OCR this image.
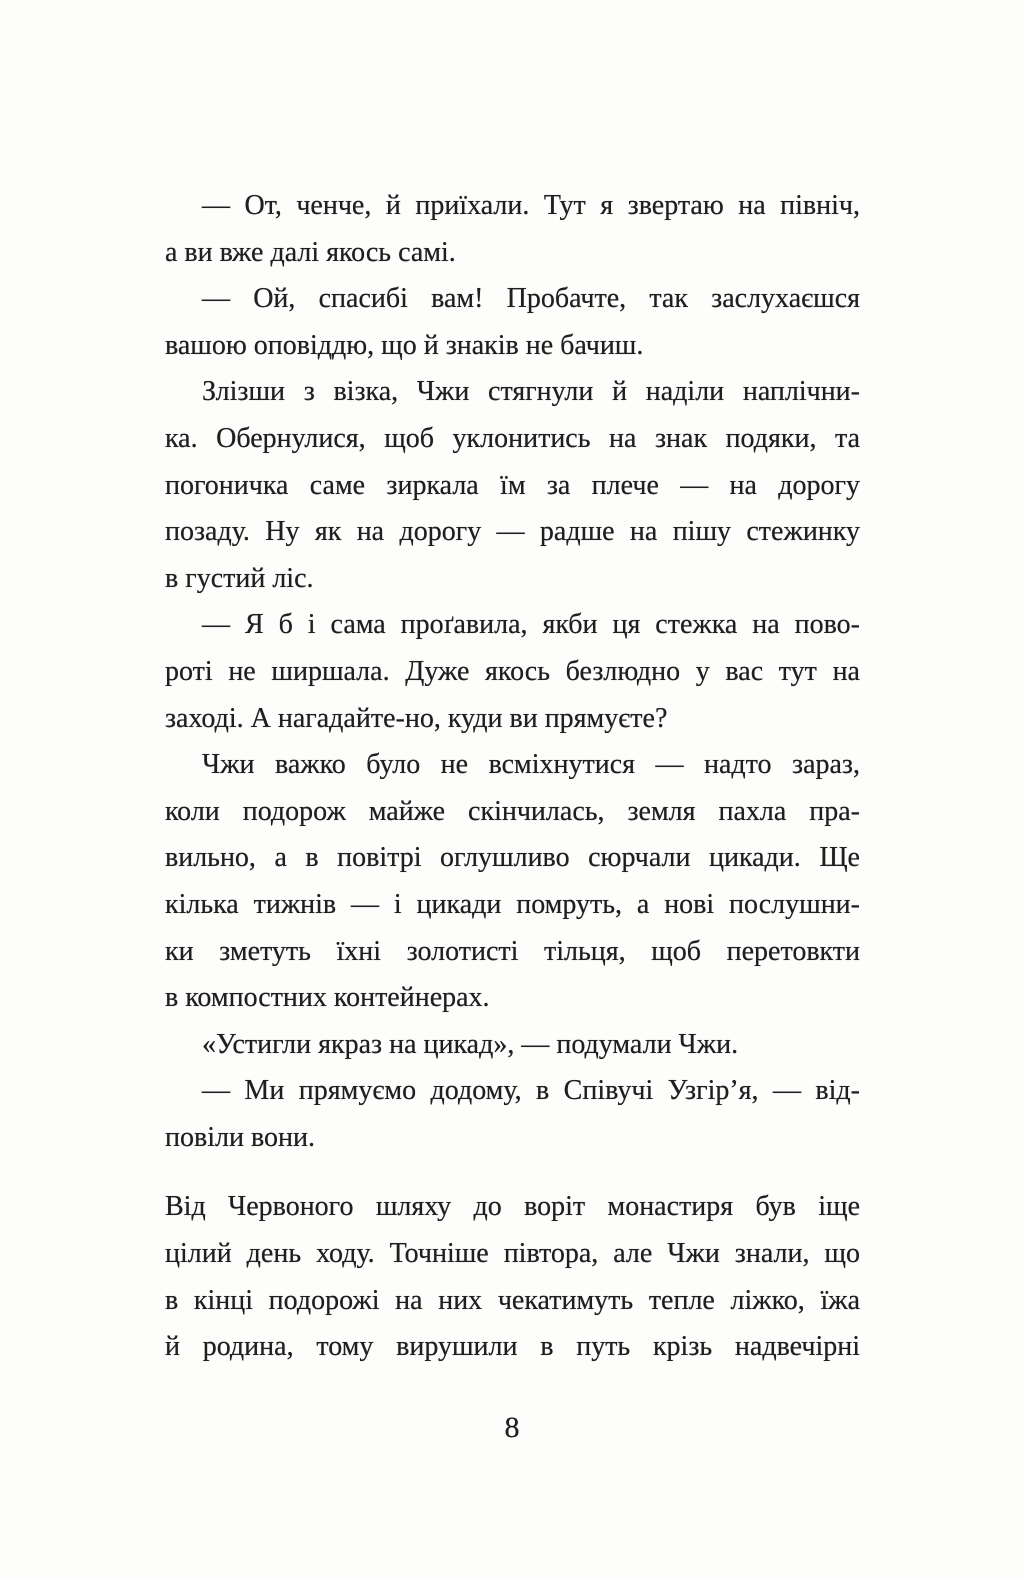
— От, ченче, й приїхали. Тут я звертаю на північ,
а ви вже далі якось самі.
— Ой, спасибі вам! Пробачте, так заслухаєшся
вашою оповіддю, що й знаків не бачиш.
Злізши з візка, Чжи стягнули й наділи наплічни-
ка. Обернулися, щоб уклонитись на знак подяки, та
погоничка саме зиркала їм за плече — на дорогу
позаду. Ну як на дорогу — радше на пішу стежинку
в густий ліс.
— Я б і сама проґавила, якби ця стежка на пово-
роті не ширшала. Дуже якось безлюдно у вас тут на
заході. А нагадайте-но, куди ви прямуєте?
Чжи важко було не всміхнутися — надто зараз,
коли подорож майже скінчилась, земля пахла пра-
вильно, а в повітрі оглушливо сюрчали цикади. Ще
кілька тижнів — і цикади помруть, а нові послушни-
ки зметуть їхні золотисті тільця, щоб перетовкти
в компостних контейнерах.
«Устигли якраз на цикад», — подумали Чжи.
— Ми прямуємо додому, в Співучі Узгір’я, — від-
повіли вони.
Від Червоного шляху до воріт монастиря був іще
цілий день ходу. Точніше півтора, але Чжи знали, що
в кінці подорожі на них чекатимуть тепле ліжко, їжа
й родина, тому вирушили в путь крізь надвечірні
8
